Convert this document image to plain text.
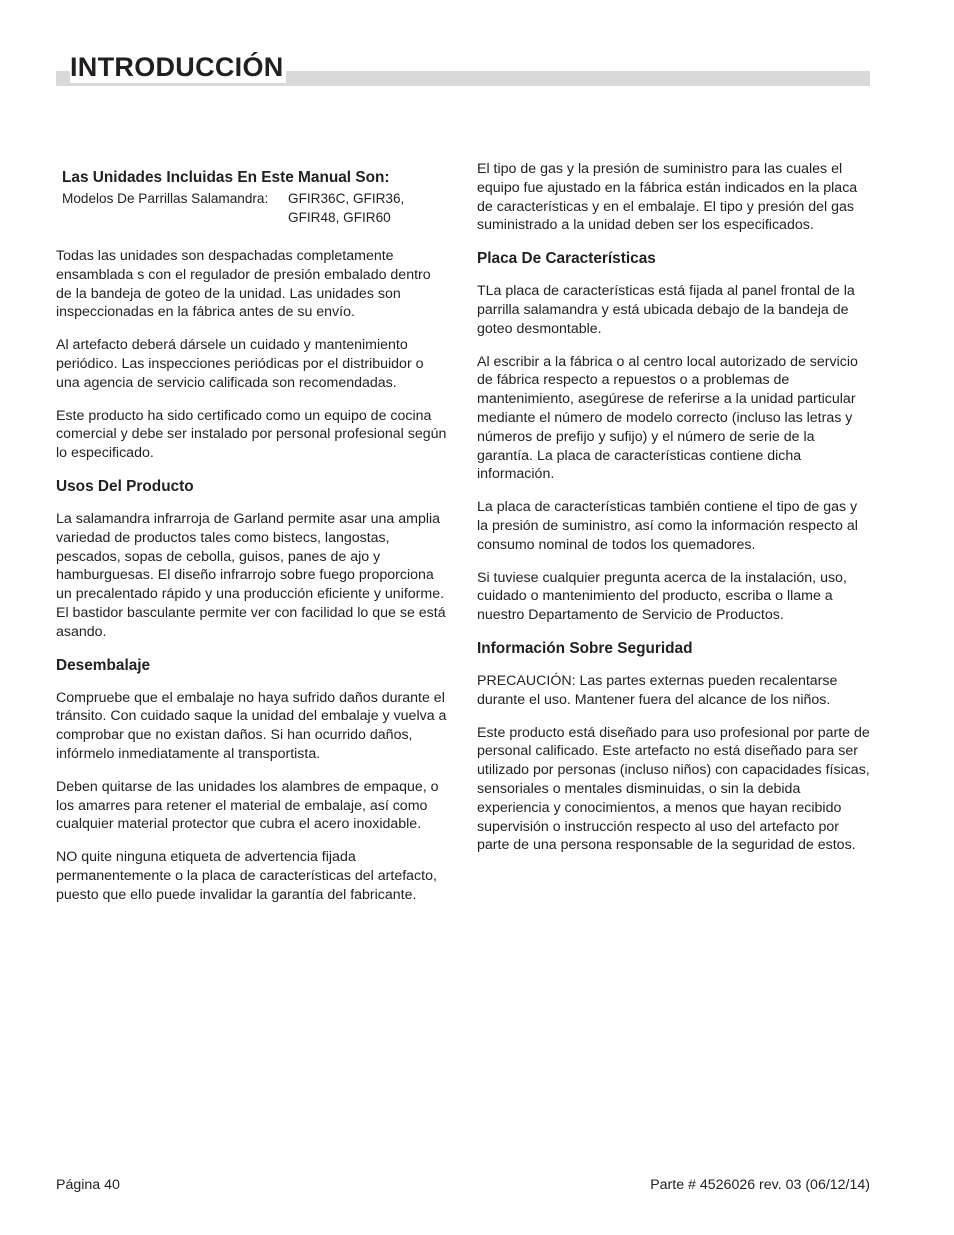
INTRODUCCIÓN
Las Unidades Incluidas En Este Manual Son:
Modelos De Parrillas Salamandra:	GFIR36C, GFIR36,
GFIR48, GFIR60

Todas las unidades son despachadas completamente ensamblada s con el regulador de presión embalado dentro de la bandeja de goteo de la unidad. Las unidades son inspeccionadas en la fábrica antes de su envío.

Al artefacto deberá dársele un cuidado y mantenimiento periódico. Las inspecciones periódicas por el distribuidor o una agencia de servicio calificada son recomendadas.

Este producto ha sido certificado como un equipo de cocina comercial y debe ser instalado por personal profesional según lo especificado.

Usos Del Producto

La salamandra infrarroja de Garland permite asar una amplia variedad de productos tales como bistecs, langostas, pescados, sopas de cebolla, guisos, panes de ajo y hamburguesas. El diseño infrarrojo sobre fuego proporciona un precalentado rápido y una producción eficiente y uniforme. El bastidor basculante permite ver con facilidad lo que se está asando.

Desembalaje

Compruebe que el embalaje no haya sufrido daños durante el tránsito. Con cuidado saque la unidad del embalaje y vuelva a comprobar que no existan daños. Si han ocurrido daños, infórmelo inmediatamente al transportista.

Deben quitarse de las unidades los alambres de empaque, o los amarres para retener el material de embalaje, así como cualquier material protector que cubra el acero inoxidable.

NO quite ninguna etiqueta de advertencia fijada permanentemente o la placa de características del artefacto, puesto que ello puede invalidar la garantía del fabricante.

El tipo de gas y la presión de suministro para las cuales el equipo fue ajustado en la fábrica están indicados en la placa de características y en el embalaje. El tipo y presión del gas suministrado a la unidad deben ser los especificados.

Placa De Características

TLa placa de características está fijada al panel frontal de la parrilla salamandra y está ubicada debajo de la bandeja de goteo desmontable.

Al escribir a la fábrica o al centro local autorizado de servicio de fábrica respecto a repuestos o a problemas de mantenimiento, asegúrese de referirse a la unidad particular mediante el número de modelo correcto (incluso las letras y números de prefijo y sufijo) y el número de serie de la garantía. La placa de características contiene dicha información.

La placa de características también contiene el tipo de gas y la presión de suministro, así como la información respecto al consumo nominal de todos los quemadores.

Si tuviese cualquier pregunta acerca de la instalación, uso, cuidado o mantenimiento del producto, escriba o llame a nuestro Departamento de Servicio de Productos.

Información Sobre Seguridad

PRECAUCIÓN: Las partes externas pueden recalentarse durante el uso. Mantener fuera del alcance de los niños.

Este producto está diseñado para uso profesional por parte de personal calificado. Este artefacto no está diseñado para ser utilizado por personas (incluso niños) con capacidades físicas, sensoriales o mentales disminuidas, o sin la debida experiencia y conocimientos, a menos que hayan recibido supervisión o instrucción respecto al uso del artefacto por parte de una persona responsable de la seguridad de estos.

Página 40	Parte # 4526026 rev. 03 (06/12/14)
